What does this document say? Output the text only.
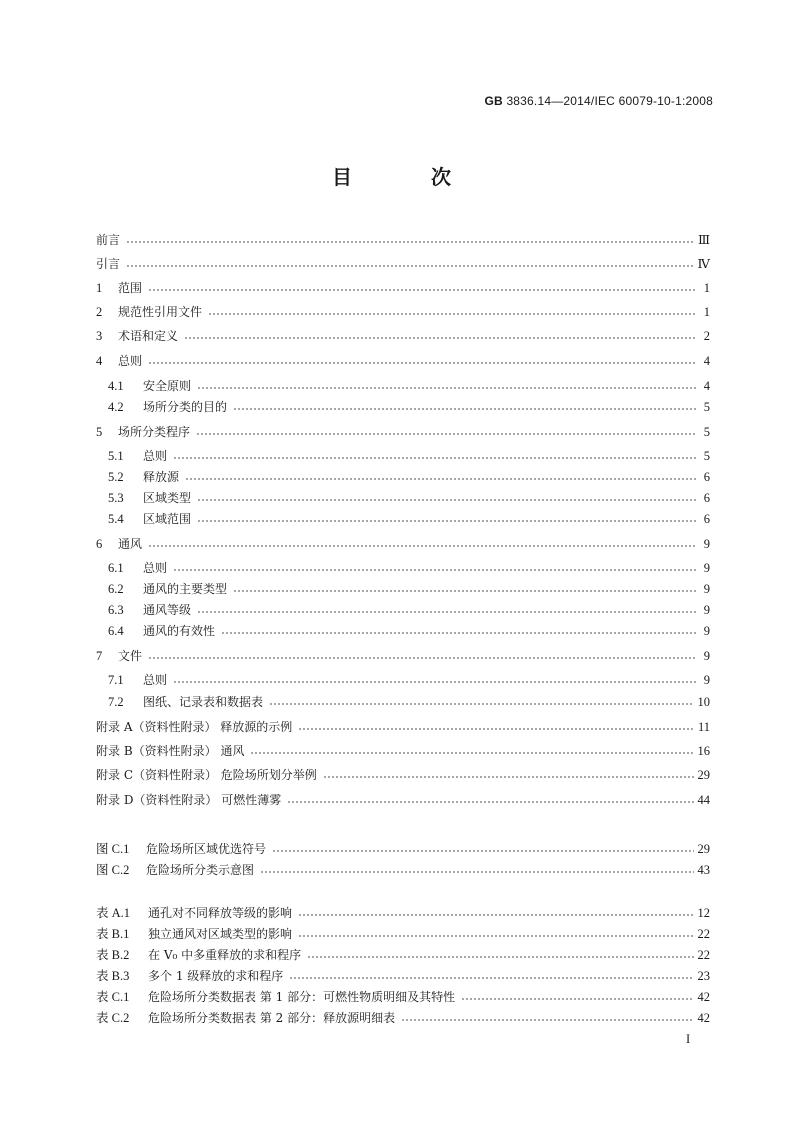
GB 3836.14—2014/IEC 60079-10-1:2008
目 次
前言	Ⅲ
引言	Ⅳ
1	范围	1
2	规范性引用文件	1
3	术语和定义	2
4	总则	4
4.1	安全原则	4
4.2	场所分类的目的	5
5	场所分类程序	5
5.1	总则	5
5.2	释放源	6
5.3	区域类型	6
5.4	区域范围	6
6	通风	9
6.1	总则	9
6.2	通风的主要类型	9
6.3	通风等级	9
6.4	通风的有效性	9
7	文件	9
7.1	总则	9
7.2	图纸、记录表和数据表	10
附录 A（资料性附录） 释放源的示例	11
附录 B（资料性附录） 通风	16
附录 C（资料性附录） 危险场所划分举例	29
附录 D（资料性附录） 可燃性薄雾	44
图 C.1	危险场所区域优选符号	29
图 C.2	危险场所分类示意图	43
表 A.1	通孔对不同释放等级的影响	12
表 B.1	独立通风对区域类型的影响	22
表 B.2	在 V₀ 中多重释放的求和程序	22
表 B.3	多个 1 级释放的求和程序	23
表 C.1	危险场所分类数据表 第 1 部分：可燃性物质明细及其特性	42
表 C.2	危险场所分类数据表 第 2 部分：释放源明细表	42
I
